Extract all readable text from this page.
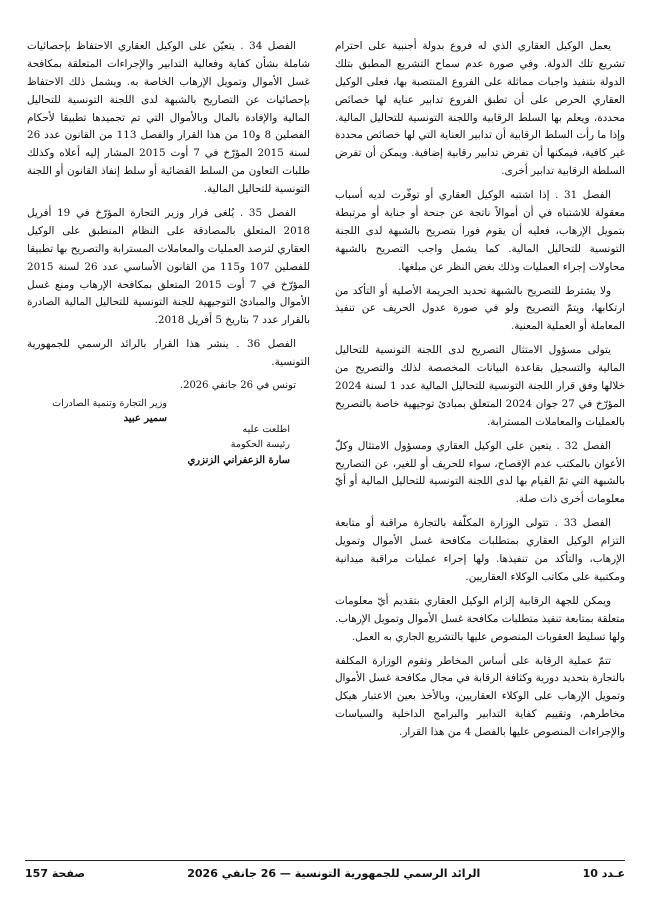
يعمل الوكيل العقاري الذي له فروع بدولة أجنبية على احترام تشريع تلك الدولة. وفي صورة عدم سماح التشريع المطبق بتلك الدولة بتنفيذ واجبات مماثلة على الفروع المنتصبة بها، فعلى الوكيل العقاري الحرص على أن تطبق الفروع تدابير عناية لها خصائص محددة، ويعلم بها السلط الرقابية واللجنة التونسية للتحاليل المالية. وإذا ما رأت السلط الرقابية أن تدابير العناية التي لها خصائص محددة غير كافية، فيمكنها أن تفرض تدابير رقابية إضافية. ويمكن أن تفرض السلطة الرقابية تدابير أخرى.

الفصل 31 . إذا اشتبه الوكيل العقاري أو توفّرت لديه أسباب معقولة للاشتباه في أن أموالاً ناتجة عن جنحة أو جناية أو مرتبطة بتمويل الإرهاب، فعليه أن يقوم فورا بتصريح بالشبهة لدى اللجنة التونسية للتحاليل المالية. كما يشمل واجب التصريح بالشبهة محاولات إجراء العمليات وذلك بغض النظر عن مبلغها.

ولا يشترط للتصريح بالشبهة تحديد الجريمة الأصلية أو التأكد من ارتكابها، ويتمّ التصريح ولو في صورة عدول الحريف عن تنفيذ المعاملة أو العملية المعنية.

يتولى مسؤول الامتثال التصريح لدى اللجنة التونسية للتحاليل المالية والتسجيل بقاعدة البيانات المخصصة لذلك والتصريح من خلالها وفق قرار اللجنة التونسية للتحاليل المالية عدد 1 لسنة 2024 المؤرّخ في 27 جوان 2024 المتعلق بمبادئ توجيهية خاصة بالتصريح بالعمليات والمعاملات المسترابة.

الفصل 32 . يتعين على الوكيل العقاري ومسؤول الامتثال وكلّ الأعوان بالمكتب عدم الإفصاح، سواء للحريف أو للغير، عن التصاريح بالشبهة التي تمّ القيام بها لدى اللجنة التونسية للتحاليل المالية أو أيّ معلومات أخرى ذات صلة.

الفصل 33 . تتولى الوزارة المكلّفة بالتجارة مراقبة أو متابعة التزام الوكيل العقاري بمتطلبات مكافحة غسل الأموال وتمويل الإرهاب، والتأكد من تنفيذها. ولها إجراء عمليات مراقبة ميدانية ومكتبية على مكاتب الوكلاء العقاريين.

ويمكن للجهة الرقابية إلزام الوكيل العقاري بتقديم أيّ معلومات متعلقة بمتابعة تنفيذ متطلبات مكافحة غسل الأموال وتمويل الإرهاب. ولها تسليط العقوبات المنصوص عليها بالتشريع الجاري به العمل.

تتمّ عملية الرقابة على أساس المخاطر وتقوم الوزارة المكلفة بالتجارة بتحديد دورية وكثافة الرقابة في مجال مكافحة غسل الأموال وتمويل الإرهاب على الوكلاء العقاريين، وبالأخذ بعين الاعتبار هيكل مخاطرهم، وتقييم كفاية التدابير والبرامج الداخلية والسياسات والإجراءات المنصوص عليها بالفصل 4 من هذا القرار.

الفصل 34 . يتعيّن على الوكيل العقاري الاحتفاظ بإحصائيات شاملة بشأن كفاية وفعالية التدابير والإجراءات المتعلقة بمكافحة غسل الأموال وتمويل الإرهاب الخاصة به. ويشمل ذلك الاحتفاظ بإحصائيات عن التصاريح بالشبهة لدى اللجنة التونسية للتحاليل المالية والإفادة بالمال وبالأموال التي تم تجميدها تطبيقا لأحكام الفصلين 8 و10 من هذا القرار والفصل 113 من القانون عدد 26 لسنة 2015 المؤرّخ في 7 أوت 2015 المشار إليه أعلاه وكذلك طلبات التعاون من السلط القضائية أو سلط إنفاذ القانون أو اللجنة التونسية للتحاليل المالية.

الفصل 35 . يُلغى قرار وزير التجارة المؤرّخ في 19 أفريل 2018 المتعلق بالمصادقة على النظام المنطبق على الوكيل العقاري لترصد العمليات والمعاملات المسترابة والتصريح بها تطبيقا للفصلين 107 و115 من القانون الأساسي عدد 26 لسنة 2015 المؤرّخ في 7 أوت 2015 المتعلق بمكافحة الإرهاب ومنع غسل الأموال والمبادئ التوجيهية للجنة التونسية للتحاليل المالية الصادرة بالقرار عدد 7 بتاريخ 5 أفريل 2018.

الفصل 36 . ينشر هذا القرار بالرائد الرسمي للجمهورية التونسية.

تونس في 26 جانفي 2026.
اطلعت عليه
رئيسة الحكومة
سارة الزعفراني الزنزري
وزير التجارة وتنمية الصادرات
سمير عبيد
عـدد 10
الرائد الرسمي للجمهورية التونسية — 26 جانفي 2026
صفحة 157
